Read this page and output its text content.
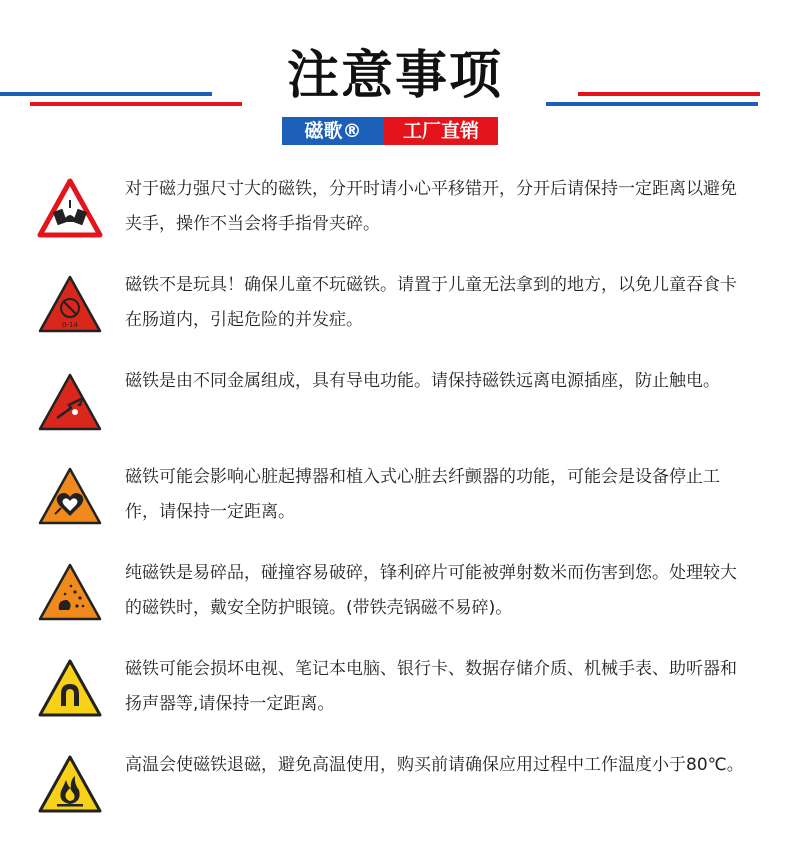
注意事项
磁歌®	工厂直销
对于磁力强尺寸大的磁铁，分开时请小心平移错开，分开后请保持一定距离以避免夹手，操作不当会将手指骨夹碎。
0-14
磁铁不是玩具！确保儿童不玩磁铁。请置于儿童无法拿到的地方，以免儿童吞食卡在肠道内，引起危险的并发症。
磁铁是由不同金属组成，具有导电功能。请保持磁铁远离电源插座，防止触电。
磁铁可能会影响心脏起搏器和植入式心脏去纤颤器的功能，可能会是设备停止工作，请保持一定距离。
纯磁铁是易碎品，碰撞容易破碎，锋利碎片可能被弹射数米而伤害到您。处理较大的磁铁时，戴安全防护眼镜。(带铁壳锅磁不易碎)。
磁铁可能会损坏电视、笔记本电脑、银行卡、数据存储介质、机械手表、助听器和扬声器等,请保持一定距离。
高温会使磁铁退磁，避免高温使用，购买前请确保应用过程中工作温度小于80℃。
